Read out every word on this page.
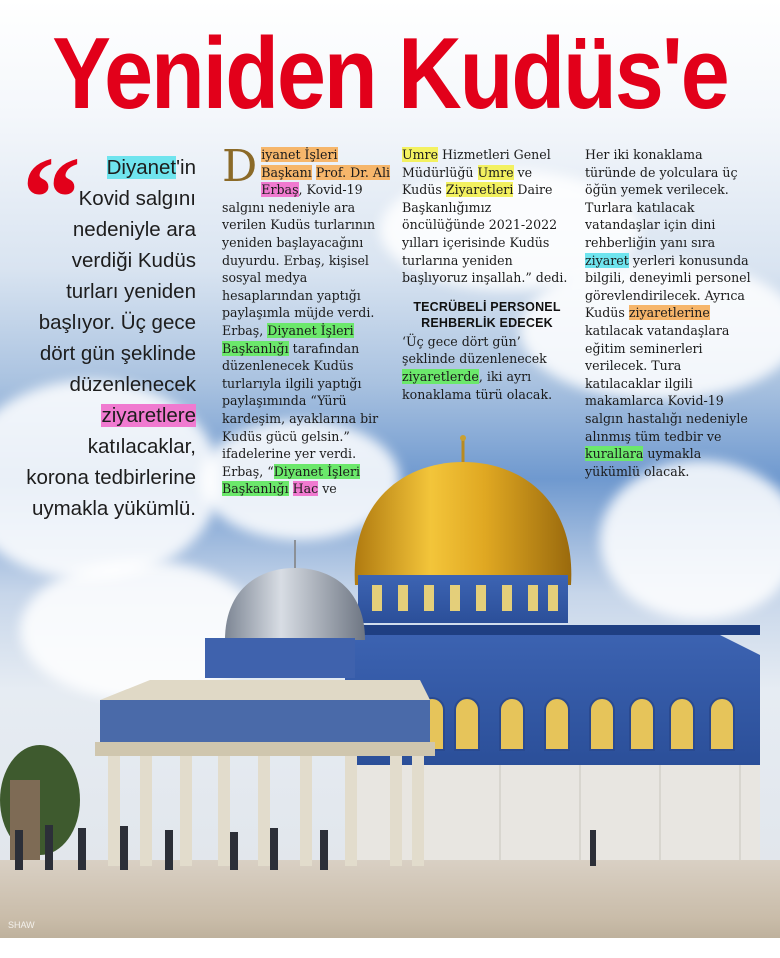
Yeniden Kudüs'e
“	Diyanet'in Kovid salgını nedeniyle ara verdiği Kudüs turları yeniden başlıyor. Üç gece dört gün şeklinde düzenlenecek ziyaretlere katılacaklar, korona tedbirlerine uymakla yükümlü.
Diyanet İşleri Başkanı Prof. Dr. Ali Erbaş, Kovid-19 salgını nedeniyle ara verilen Kudüs turlarının yeniden başlayacağını duyurdu. Erbaş, kişisel sosyal medya hesaplarından yaptığı paylaşımla müjde verdi. Erbaş, Diyanet İşleri Başkanlığı tarafından düzenlenecek Kudüs turlarıyla ilgili yaptığı paylaşımında “Yürü kardeşim, ayaklarına bir Kudüs gücü gelsin.” ifadelerine yer verdi. Erbaş, “Diyanet İşleri Başkanlığı Hac ve
Umre Hizmetleri Genel Müdürlüğü Umre ve Kudüs Ziyaretleri Daire Başkanlığımız öncülüğünde 2021-2022 yılları içerisinde Kudüs turlarına yeniden başlıyoruz inşallah.” dedi.
TECRÜBELİ PERSONEL REHBERLİK EDECEK
‘Üç gece dört gün’ şeklinde düzenlenecek ziyaretlerde, iki ayrı konaklama türü olacak.
Her iki konaklama türünde de yolculara üç öğün yemek verilecek. Turlara katılacak vatandaşlar için dini rehberliğin yanı sıra ziyaret yerleri konusunda bilgili, deneyimli personel görevlendirilecek. Ayrıca Kudüs ziyaretlerine katılacak vatandaşlara eğitim seminerleri verilecek. Tura katılacaklar ilgili makamlarca Kovid-19 salgın hastalığı nedeniyle alınmış tüm tedbir ve kurallara uymakla yükümlü olacak.
SHAW
